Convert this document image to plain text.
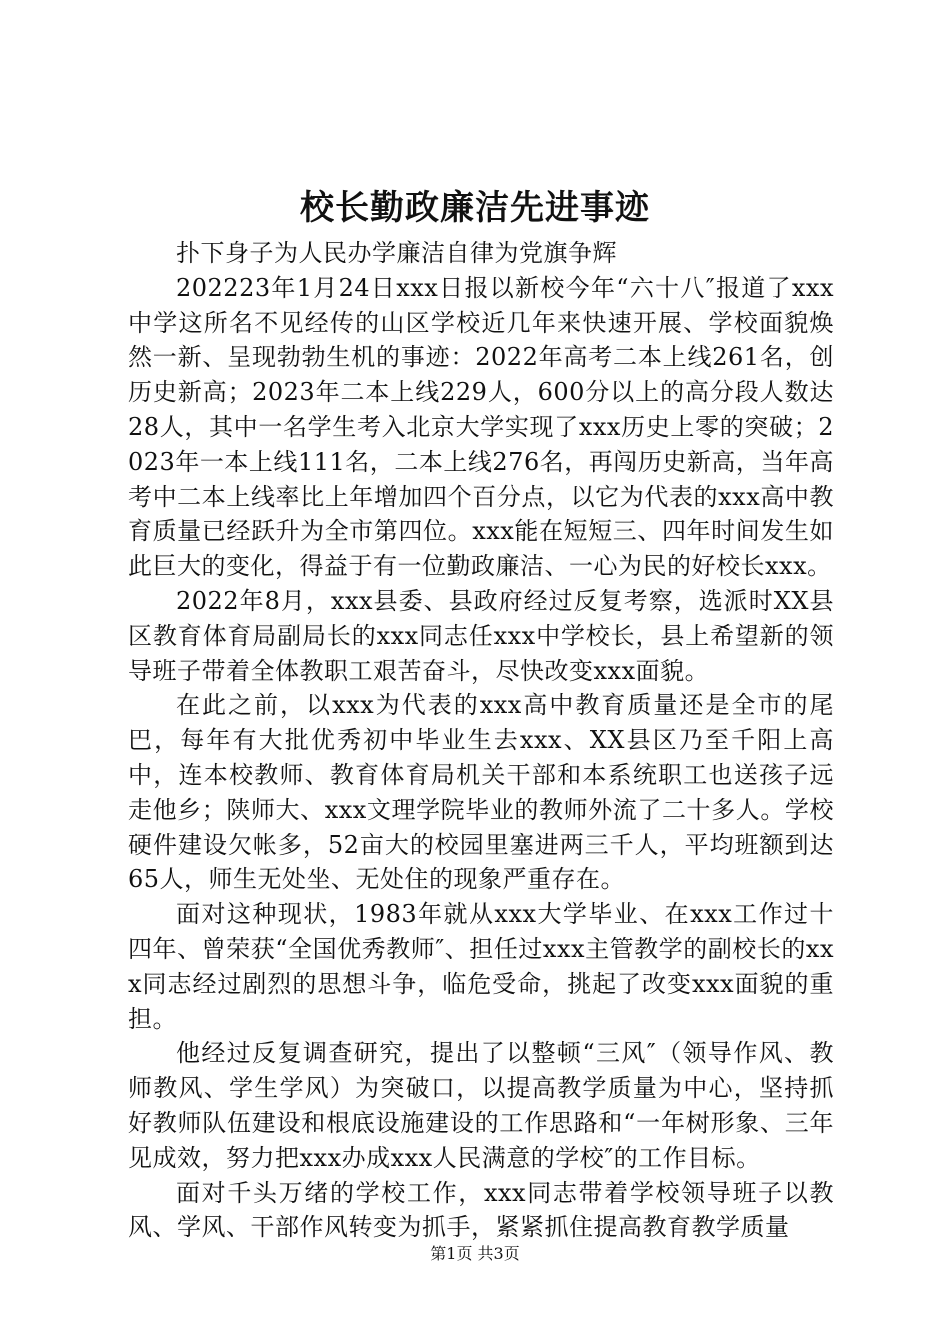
校长勤政廉洁先进事迹

扑下身子为人民办学廉洁自律为党旗争辉

202223年1月24日xxx日报以新校今年“六十八″报道了xxx中学这所名不见经传的山区学校近几年来快速开展、学校面貌焕然一新、呈现勃勃生机的事迹：2022年高考二本上线261名，创历史新高；2023年二本上线229人，600分以上的高分段人数达28人，其中一名学生考入北京大学实现了xxx历史上零的突破；2023年一本上线111名，二本上线276名，再闯历史新高，当年高考中二本上线率比上年增加四个百分点，以它为代表的xxx高中教育质量已经跃升为全市第四位。xxx能在短短三、四年时间发生如此巨大的变化，得益于有一位勤政廉洁、一心为民的好校长xxx。

2022年8月，xxx县委、县政府经过反复考察，选派时XX县区教育体育局副局长的xxx同志任xxx中学校长，县上希望新的领导班子带着全体教职工艰苦奋斗，尽快改变xxx面貌。

在此之前，以xxx为代表的xxx高中教育质量还是全市的尾巴，每年有大批优秀初中毕业生去xxx、XX县区乃至千阳上高中，连本校教师、教育体育局机关干部和本系统职工也送孩子远走他乡；陕师大、xxx文理学院毕业的教师外流了二十多人。学校硬件建设欠帐多，52亩大的校园里塞进两三千人，平均班额到达65人，师生无处坐、无处住的现象严重存在。

面对这种现状，1983年就从xxx大学毕业、在xxx工作过十四年、曾荣获“全国优秀教师″、担任过xxx主管教学的副校长的xxx同志经过剧烈的思想斗争，临危受命，挑起了改变xxx面貌的重担。

他经过反复调查研究，提出了以整顿“三风″（领导作风、教师教风、学生学风）为突破口，以提高教学质量为中心，坚持抓好教师队伍建设和根底设施建设的工作思路和“一年树形象、三年见成效，努力把xxx办成xxx人民满意的学校″的工作目标。

面对千头万绪的学校工作，xxx同志带着学校领导班子以教风、学风、干部作风转变为抓手，紧紧抓住提高教育教学质量

第1页 共3页
